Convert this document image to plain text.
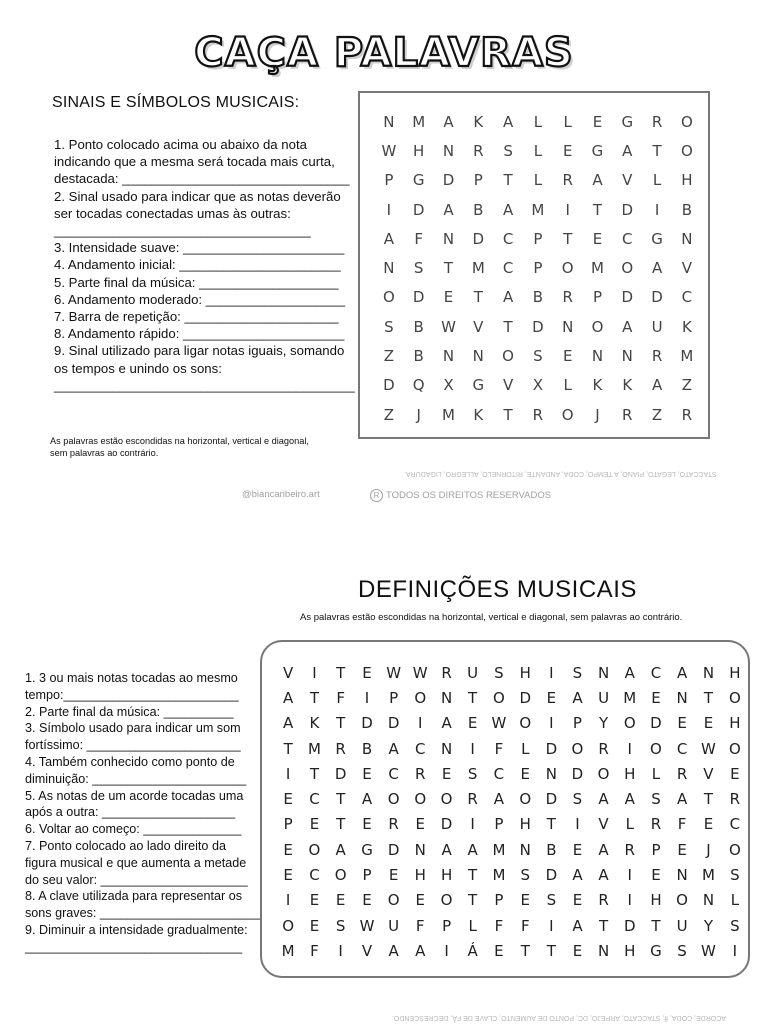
CAÇA PALAVRAS
SINAIS E SÍMBOLOS MUSICAIS:
1. Ponto colocado acima ou abaixo da nota
indicando que a mesma será tocada mais curta,
destacada: _______________________________
2. Sinal usado para indicar que as notas deverão
ser tocadas conectadas umas às outras:
___________________________________
3. Intensidade suave: ______________________
4. Andamento inicial: ______________________
5. Parte final da música: ___________________
6. Andamento moderado: ___________________
7. Barra de repetição: _____________________
8. Andamento rápido: ______________________
9. Sinal utilizado para ligar notas iguais, somando
os tempos e unindo os sons:
_________________________________________
N	M	A	K	A	L	L	E	G	R	O
W	H	N	R	S	L	E	G	A	T	O
P	G	D	P	T	L	R	A	V	L	H
I	D	A	B	A	M	I	T	D	I	B
A	F	N	D	C	P	T	E	C	G	N
N	S	T	M	C	P	O	M	O	A	V
O	D	E	T	A	B	R	P	D	D	C
S	B	W	V	T	D	N	O	A	U	K
Z	B	N	N	O	S	E	N	N	R	M
D	Q	X	G	V	X	L	K	K	A	Z
Z	J	M	K	T	R	O	J	R	Z	R
As palavras estão escondidas na horizontal, vertical e diagonal,
sem palavras ao contrário.
STACCATO, LEGATO, PIANO, A TEMPO, CODA, ANDANTE, RITORNELO, ALLEGRO, LIGADURA.
@biancaribeiro.art	R TODOS OS DIREITOS RESERVADOS
DEFINIÇÕES MUSICAIS
As palavras estão escondidas na horizontal, vertical e diagonal, sem palavras ao contrário.
1. 3 ou mais notas tocadas ao mesmo
tempo:_________________________
2. Parte final da música: __________
3. Símbolo usado para indicar um som
fortíssimo: ______________________
4. Também conhecido como ponto de
diminuição: ______________________
5. As notas de um acorde tocadas uma
após a outra: ___________________
6. Voltar ao começo: ______________
7. Ponto colocado ao lado direito da
figura musical e que aumenta a metade
do seu valor: _____________________
8. A clave utilizada para representar os
sons graves: _______________________
9. Diminuir a intensidade gradualmente:
_______________________________
V	I	T	E	W	W	R	U	S	H	I	S	N	A	C	A	N	H
A	T	F	I	P	O	N	T	O	D	E	A	U	M	E	N	T	O
A	K	T	D	D	I	A	E	W	O	I	P	Y	O	D	E	E	H
T	M	R	B	A	C	N	I	F	L	D	O	R	I	O	C	W	O
I	T	D	E	C	R	E	S	C	E	N	D	O	H	L	R	V	E
E	C	T	A	O	O	O	R	A	O	D	S	A	A	S	A	T	R
P	E	T	E	R	E	D	I	P	H	T	I	V	L	R	F	E	C
E	O	A	G	D	N	A	A	M	N	B	E	A	R	P	E	J	O
E	C	O	P	E	H	H	T	M	S	D	A	A	I	E	N	M	S
I	E	E	E	O	E	O	T	P	E	S	E	R	I	H	O	N	L
O	E	S	W	U	F	P	L	F	F	I	A	T	D	T	U	Y	S
M	F	I	V	A	A	I	Á	E	T	T	E	N	H	G	S	W	I
ACORDE, CODA, ff, STACCATO, ARPEJO, DC, PONTO DE AUMENTO, CLAVE DE FÁ, DECRESCENDO.
